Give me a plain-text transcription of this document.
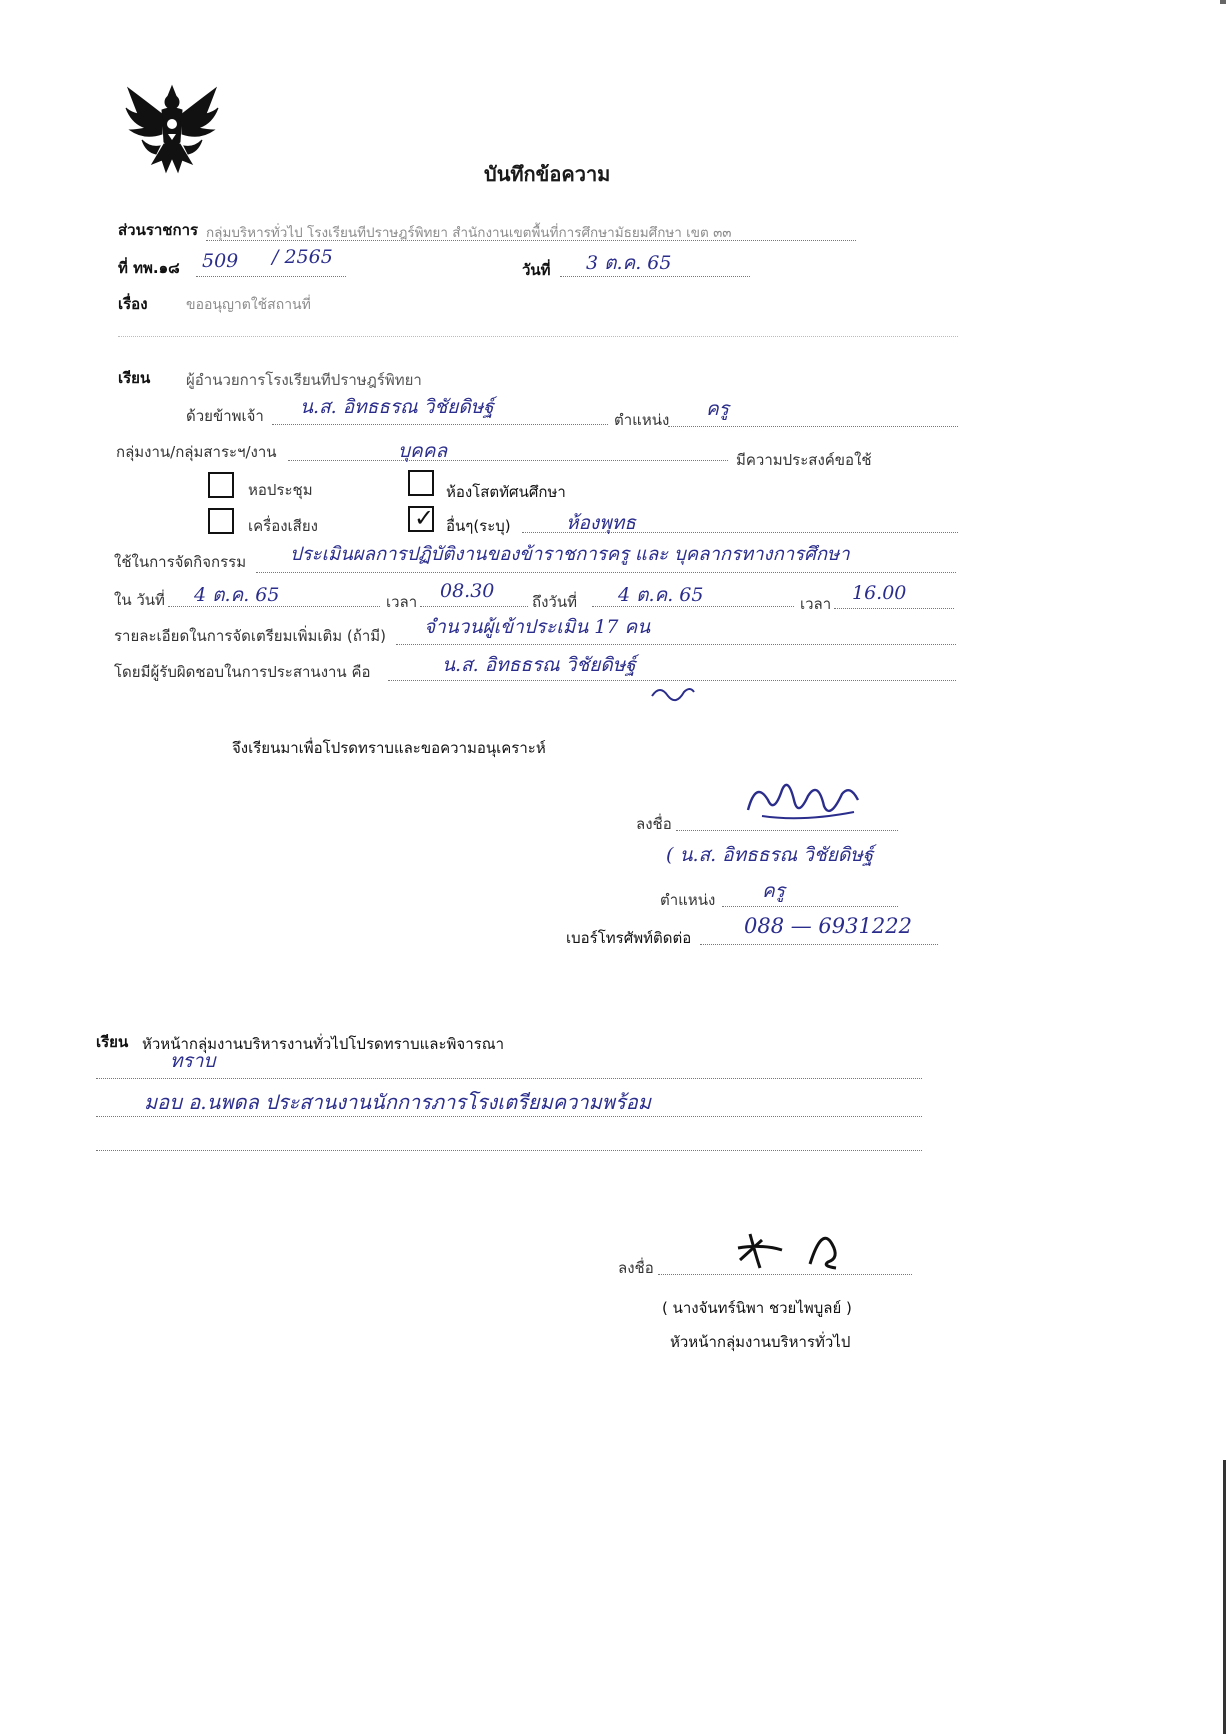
บันทึกข้อความ
ส่วนราชการ กลุ่มบริหารทั่วไป โรงเรียนทีปราษฎร์พิทยา สำนักงานเขตพื้นที่การศึกษามัธยมศึกษา เขต ๓๓
ที่ ทพ.๑๘ 509 / 2565
วันที่ 3 ต.ค. 65
เรื่อง	ขออนุญาตใช้สถานที่
เรียน ผู้อำนวยการโรงเรียนทีปราษฎร์พิทยา
ด้วยข้าพเจ้า น.ส. อิทธธรณ วิชัยดิษฐ์
ตำแหน่ง ครู
กลุ่มงาน/กลุ่มสาระฯ/งาน	บุคคล	มีความประสงค์ขอใช้
หอประชุม	ห้องโสตทัศนศึกษา
เครื่องเสียง	✓ อื่นๆ(ระบุ)	ห้องพุทธ
ใช้ในการจัดกิจกรรม ประเมินผลการปฏิบัติงานของข้าราชการครู และ บุคลากรทางการศึกษา
ใน วันที่ 4 ต.ค. 65	เวลา 08.30	ถึงวันที่ 4 ต.ค. 65	เวลา 16.00
รายละเอียดในการจัดเตรียมเพิ่มเติม (ถ้ามี) จำนวนผู้เข้าประเมิน 17 คน
โดยมีผู้รับผิดชอบในการประสานงาน คือ	น.ส. อิทธธรณ วิชัยดิษฐ์
จึงเรียนมาเพื่อโปรดทราบและขอความอนุเคราะห์
ลงชื่อ
( น.ส. อิทธธรณ วิชัยดิษฐ์
ตำแหน่ง ครู
เบอร์โทรศัพท์ติดต่อ	088 — 6931222
เรียน หัวหน้ากลุ่มงานบริหารงานทั่วไปโปรดทราบและพิจารณา
ทราบ
มอบ อ.นพดล ประสานงานนักการภารโรงเตรียมความพร้อม
ลงชื่อ
( นางจันทร์นิพา ชวยไพบูลย์ )
หัวหน้ากลุ่มงานบริหารทั่วไป
